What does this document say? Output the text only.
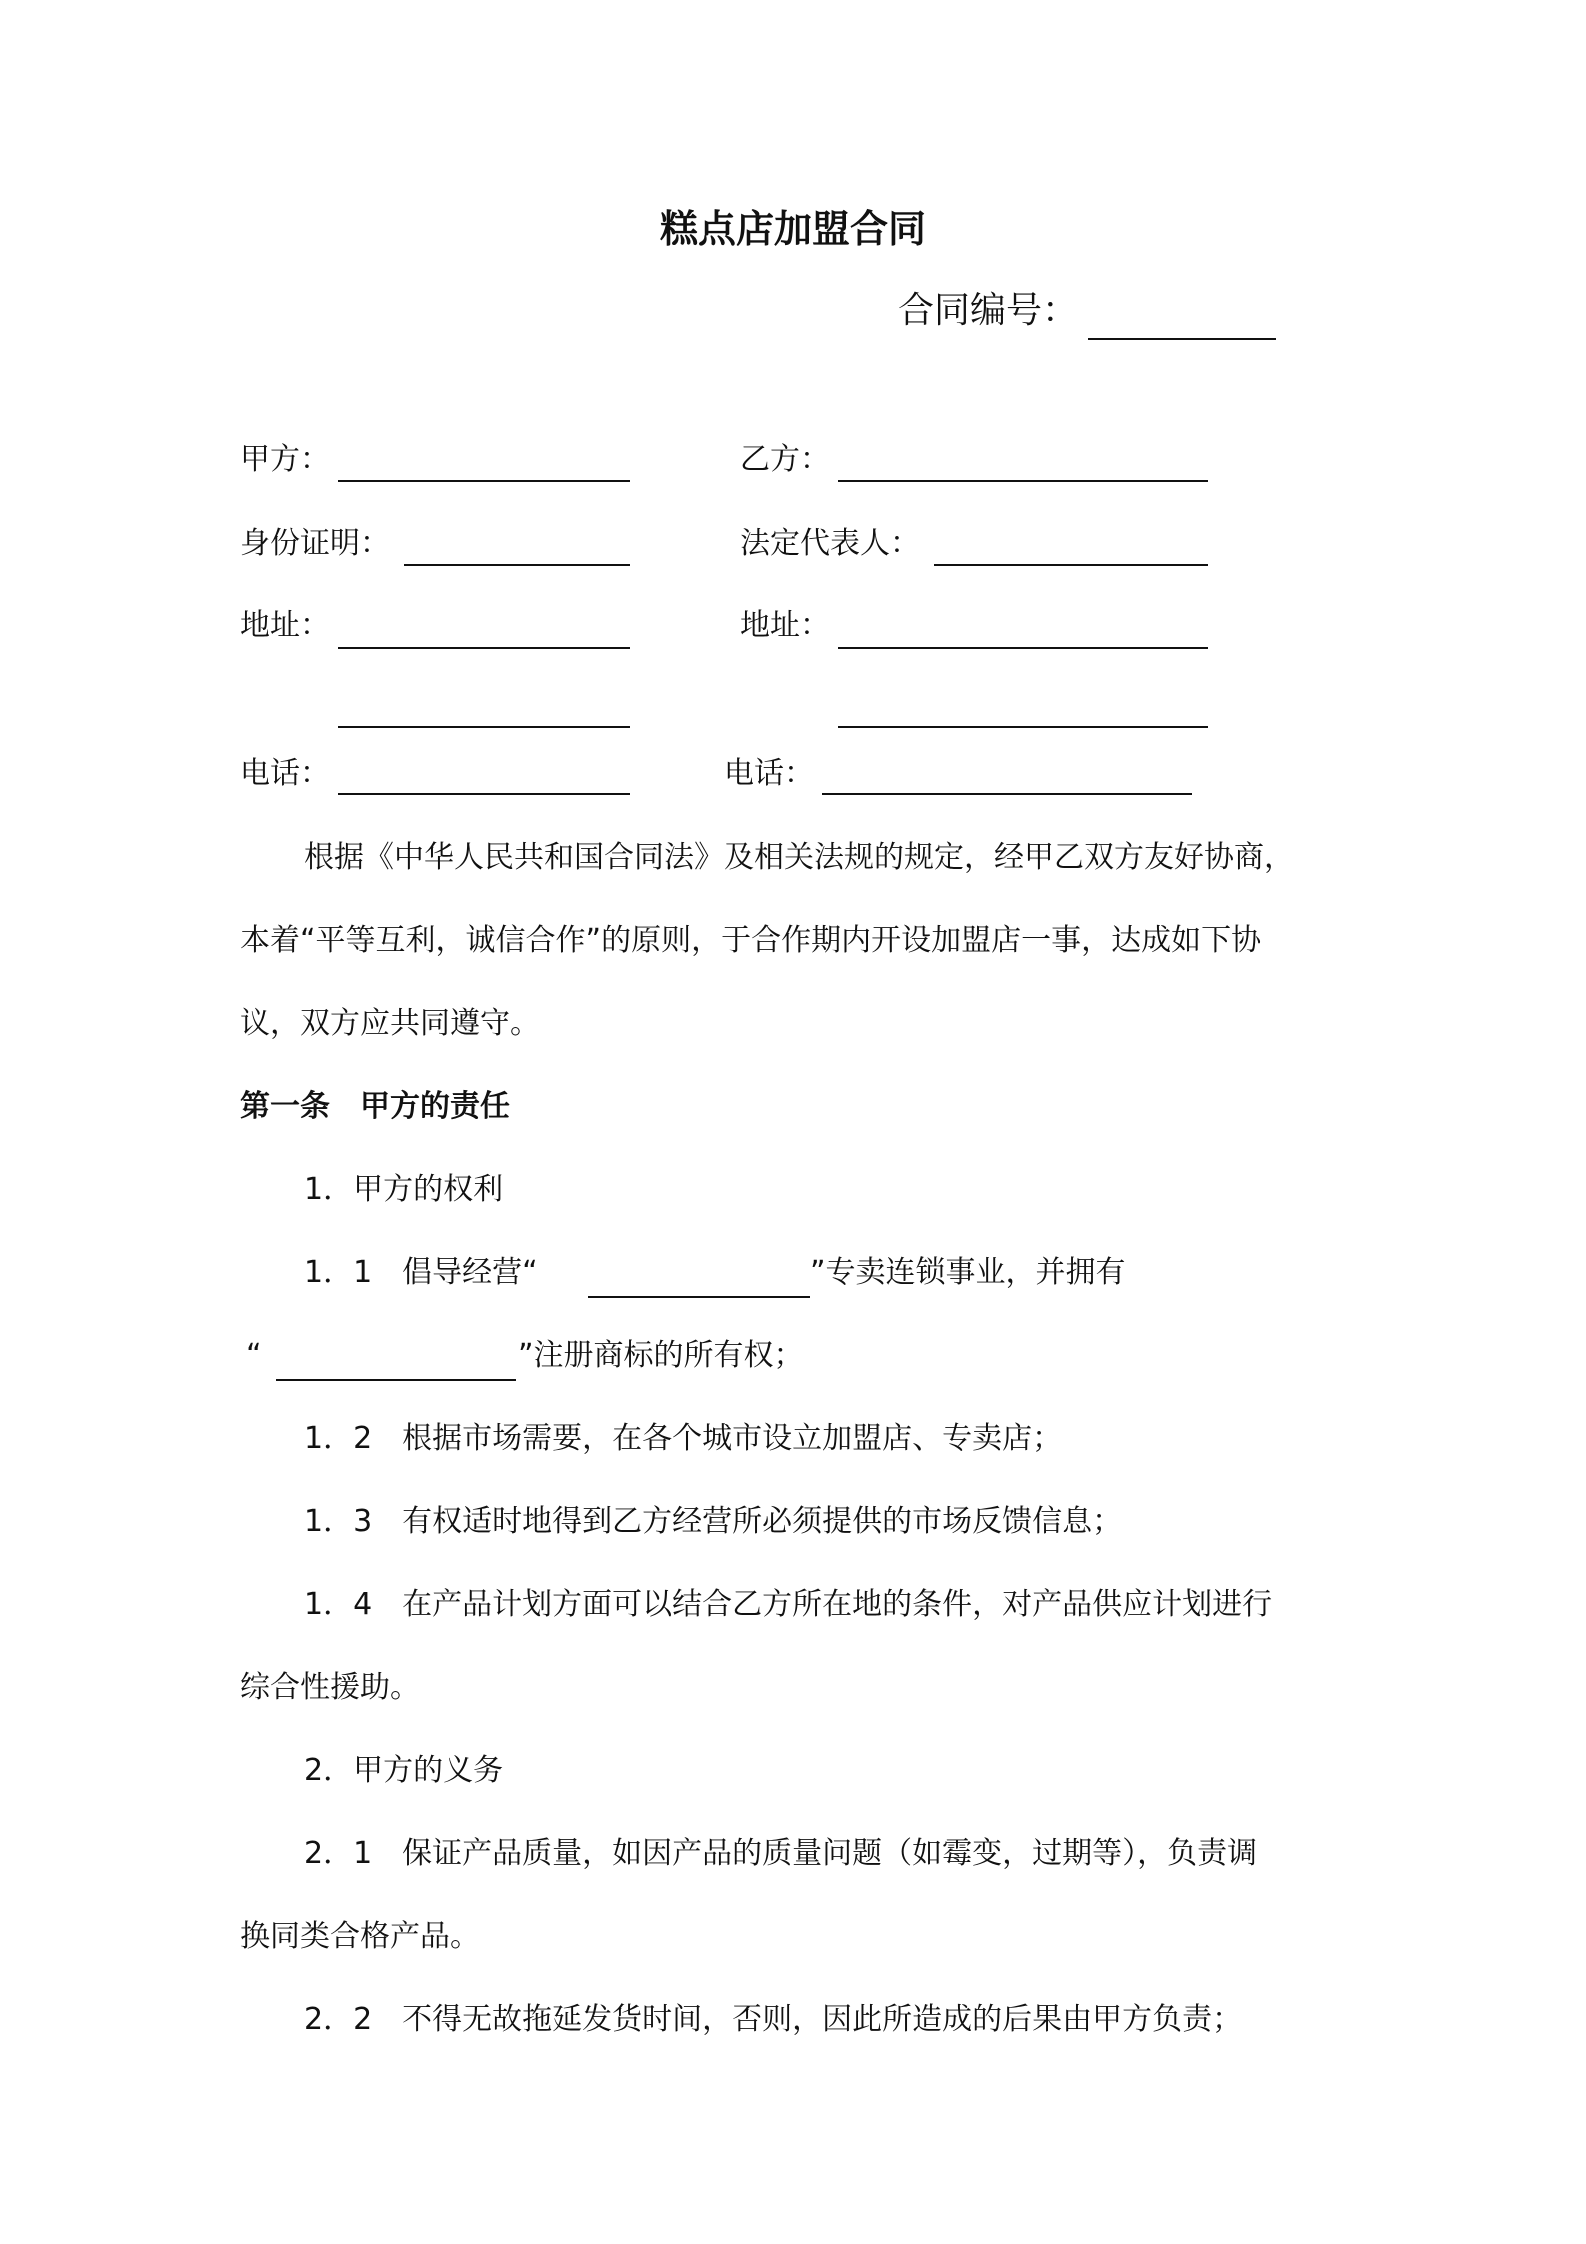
糕点店加盟合同
合同编号：
甲方：
身份证明：
地址：
电话：
乙方：
法定代表人：
地址：
电话：
根据《中华人民共和国合同法》及相关法规的规定，经甲乙双方友好协商，
本着“平等互利，诚信合作”的原则，于合作期内开设加盟店一事，达成如下协
议，双方应共同遵守。
第一条　甲方的责任
1．甲方的权利
1．1　倡导经营“	”专卖连锁事业，并拥有
“	”注册商标的所有权；
1．2　根据市场需要，在各个城市设立加盟店、专卖店；
1．3　有权适时地得到乙方经营所必须提供的市场反馈信息；
1．4　在产品计划方面可以结合乙方所在地的条件，对产品供应计划进行
综合性援助。
2．甲方的义务
2．1　保证产品质量，如因产品的质量问题（如霉变，过期等），负责调
换同类合格产品。
2．2　不得无故拖延发货时间，否则，因此所造成的后果由甲方负责；
